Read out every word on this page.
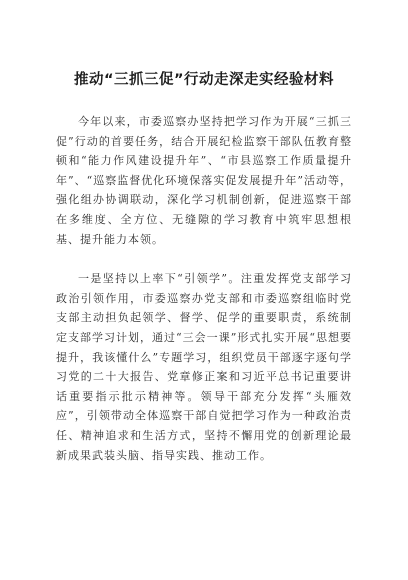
推动“三抓三促”行动走深走实经验材料

今年以来，市委巡察办坚持把学习作为开展“三抓三促”行动的首要任务，结合开展纪检监察干部队伍教育整顿和“能力作风建设提升年”、“市县巡察工作质量提升年”、“巡察监督优化环境保落实促发展提升年”活动等，强化组办协调联动，深化学习机制创新，促进巡察干部在多维度、全方位、无缝隙的学习教育中筑牢思想根基、提升能力本领。

一是坚持以上率下“引领学”。注重发挥党支部学习政治引领作用，市委巡察办党支部和市委巡察组临时党支部主动担负起领学、督学、促学的重要职责，系统制定支部学习计划，通过“三会一课”形式扎实开展“思想要提升，我该懂什么”专题学习，组织党员干部逐字逐句学习党的二十大报告、党章修正案和习近平总书记重要讲话重要指示批示精神等。领导干部充分发挥“头雁效应”，引领带动全体巡察干部自觉把学习作为一种政治责任、精神追求和生活方式，坚持不懈用党的创新理论最新成果武装头脑、指导实践、推动工作。
